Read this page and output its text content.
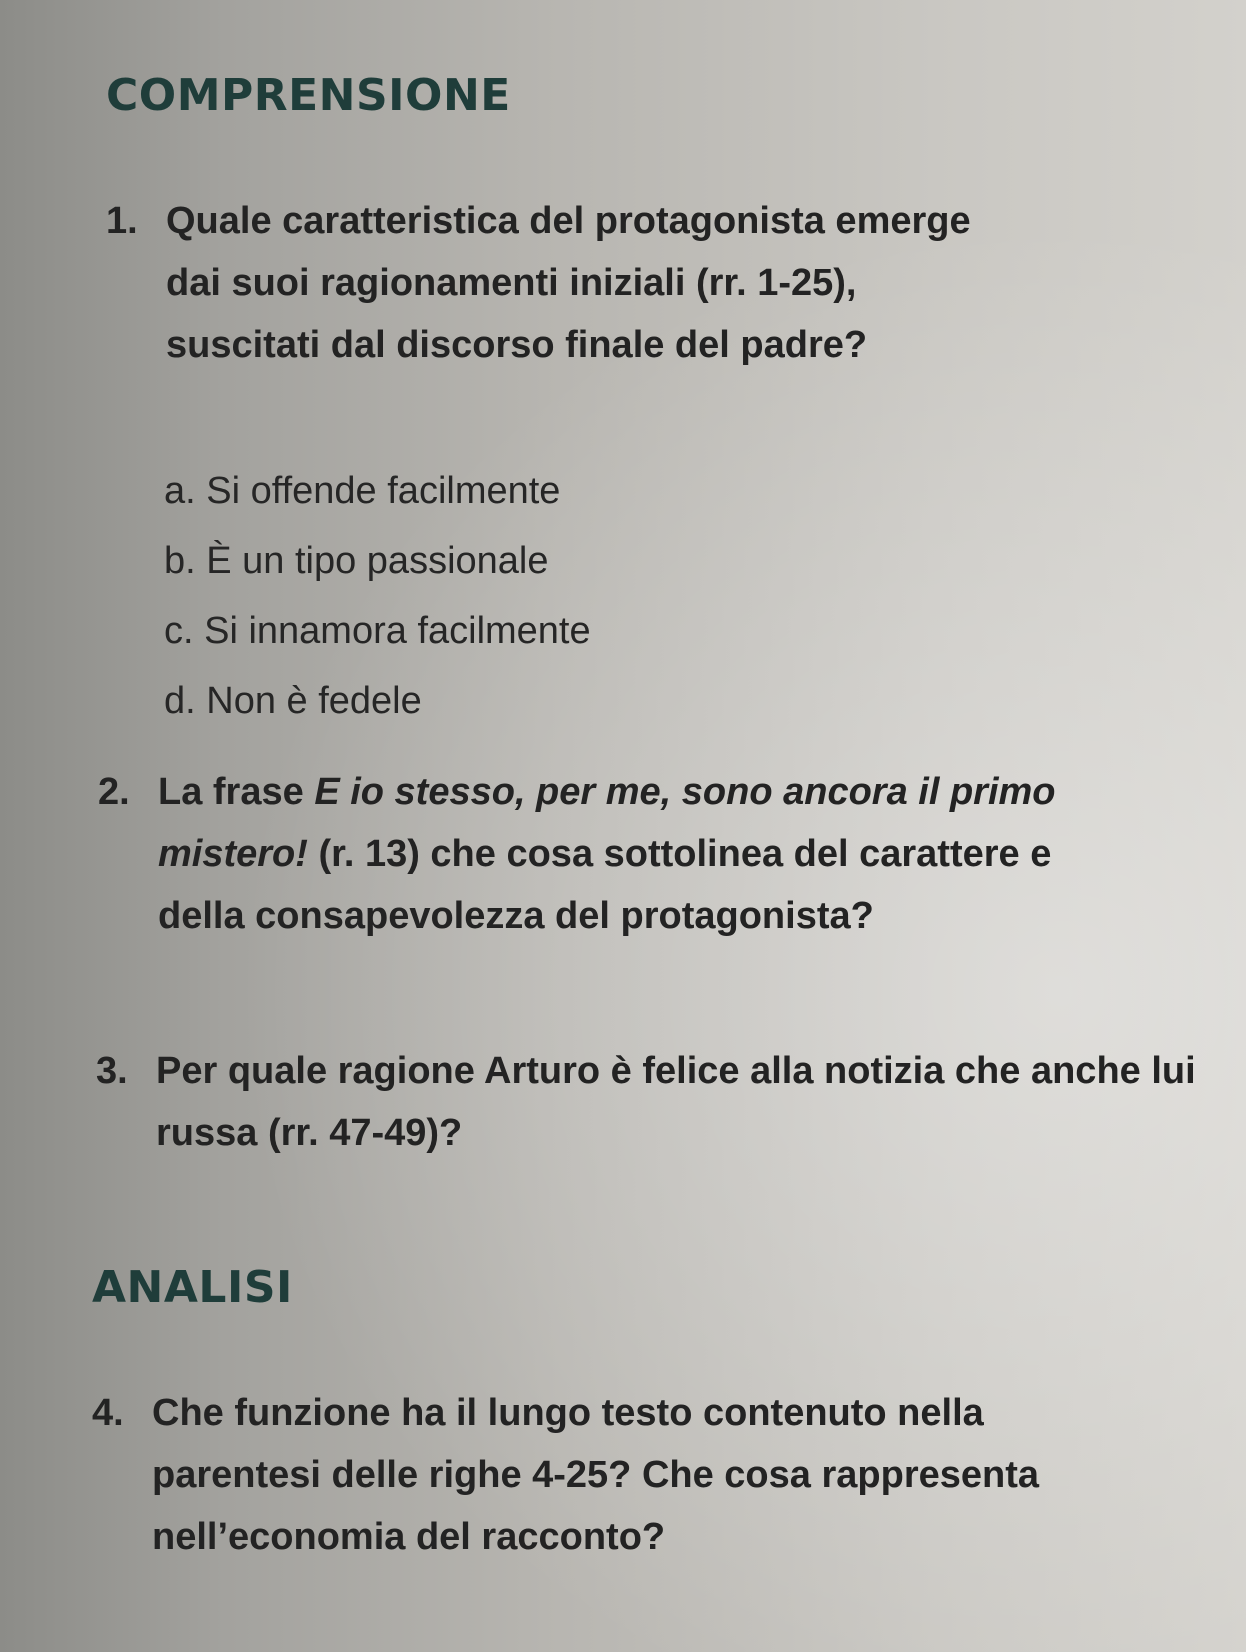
COMPRENSIONE
1. Quale caratteristica del protagonista emerge dai suoi ragionamenti iniziali (rr. 1-25), suscitati dal discorso finale del padre?
a. Si offende facilmente
b. È un tipo passionale
c. Si innamora facilmente
d. Non è fedele
2. La frase E io stesso, per me, sono ancora il primo mistero! (r. 13) che cosa sottolinea del carattere e della consapevolezza del protagonista?
3. Per quale ragione Arturo è felice alla notizia che anche lui russa (rr. 47-49)?
ANALISI
4. Che funzione ha il lungo testo contenuto nella parentesi delle righe 4-25? Che cosa rappresenta nell’economia del racconto?
